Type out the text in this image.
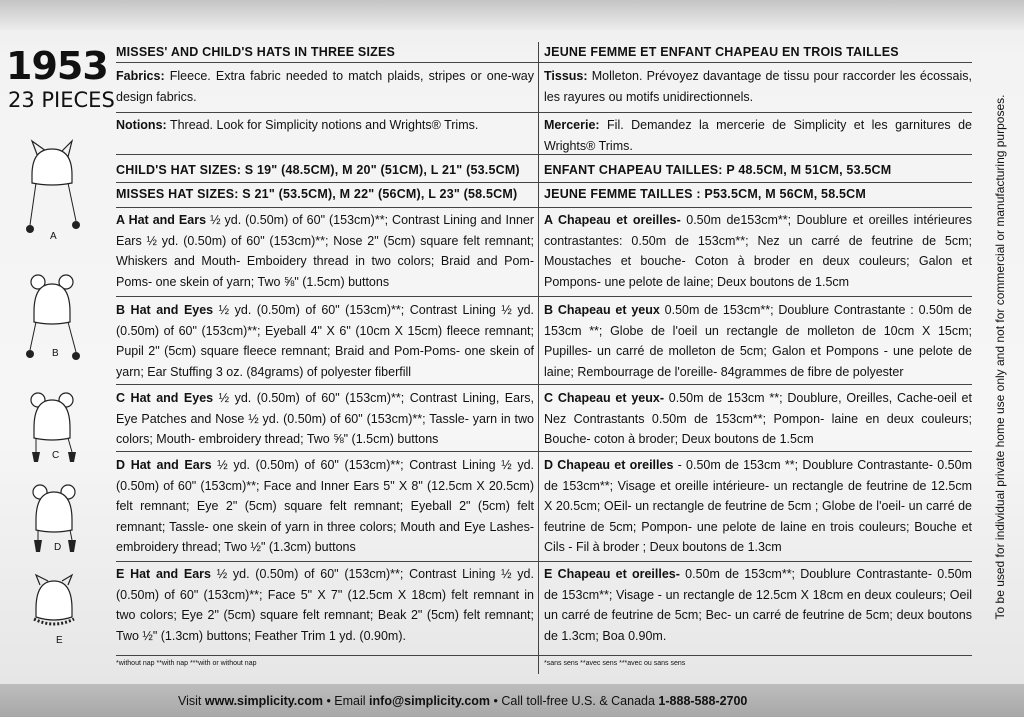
1953
23 PIECES
A
B
C
D
E
MISSES' AND CHILD'S HATS IN THREE SIZES
Fabrics: Fleece. Extra fabric needed to match plaids, stripes or one-way design fabrics.
Notions: Thread. Look for Simplicity notions and Wrights® Trims.
CHILD'S HAT SIZES: S 19" (48.5CM), M 20" (51CM), L 21" (53.5CM)
MISSES HAT SIZES: S 21" (53.5CM), M 22" (56CM), L 23" (58.5CM)
A Hat and Ears ½ yd. (0.50m) of 60" (153cm)**; Contrast Lining and Inner Ears ½ yd. (0.50m) of 60" (153cm)**; Nose 2" (5cm) square felt remnant; Whiskers and Mouth- Emboidery thread in two colors; Braid and Pom-Poms- one skein of yarn; Two ⅝" (1.5cm) buttons
B Hat and Eyes ½ yd. (0.50m) of 60" (153cm)**; Contrast Lining ½ yd. (0.50m) of 60" (153cm)**; Eyeball 4" X 6" (10cm X 15cm) fleece remnant; Pupil 2" (5cm) square fleece remnant; Braid and Pom-Poms- one skein of yarn; Ear Stuffing 3 oz. (84grams) of polyester fiberfill
C Hat and Eyes ½ yd. (0.50m) of 60" (153cm)**; Contrast Lining, Ears, Eye Patches and Nose ½ yd. (0.50m) of 60" (153cm)**; Tassle- yarn in two colors; Mouth- embroidery thread; Two ⅝" (1.5cm) buttons
D Hat and Ears ½ yd. (0.50m) of 60" (153cm)**; Contrast Lining ½ yd. (0.50m) of 60" (153cm)**; Face and Inner Ears 5" X 8" (12.5cm X 20.5cm) felt remnant; Eye 2" (5cm) square felt remnant; Eyeball 2" (5cm) felt remnant; Tassle- one skein of yarn in three colors; Mouth and Eye Lashes- embroidery thread; Two ½" (1.3cm) buttons
E Hat and Ears ½ yd. (0.50m) of 60" (153cm)**; Contrast Lining ½ yd. (0.50m) of 60" (153cm)**; Face 5" X 7" (12.5cm X 18cm) felt remnant in two colors; Eye 2" (5cm) square felt remnant; Beak 2" (5cm) felt remnant; Two ½" (1.3cm) buttons; Feather Trim 1 yd. (0.90m).
*without nap **with nap ***with or without nap
JEUNE FEMME ET ENFANT CHAPEAU EN TROIS TAILLES
Tissus: Molleton. Prévoyez davantage de tissu pour raccorder les écossais, les rayures ou motifs unidirectionnels.
Mercerie: Fil. Demandez la mercerie de Simplicity et les garnitures de Wrights® Trims.
ENFANT CHAPEAU TAILLES: P 48.5CM, M 51CM, 53.5CM
JEUNE FEMME TAILLES : P53.5CM, M 56CM, 58.5CM
A Chapeau et oreilles- 0.50m de153cm**; Doublure et oreilles intérieures contrastantes: 0.50m de 153cm**; Nez un carré de feutrine de 5cm; Moustaches et bouche- Coton à broder en deux couleurs; Galon et Pompons- une pelote de laine; Deux boutons de 1.5cm
B Chapeau et yeux 0.50m de 153cm**; Doublure Contrastante : 0.50m de 153cm **; Globe de l'oeil un rectangle de molleton de 10cm X 15cm; Pupilles- un carré de molleton de 5cm; Galon et Pompons - une pelote de laine; Rembourrage de l'oreille- 84grammes de fibre de polyester
C Chapeau et yeux- 0.50m de 153cm **; Doublure, Oreilles, Cache-oeil et Nez Contrastants 0.50m de 153cm**; Pompon- laine en deux couleurs; Bouche- coton à broder; Deux boutons de 1.5cm
D Chapeau et oreilles - 0.50m de 153cm **; Doublure Contrastante- 0.50m de 153cm**; Visage et oreille intérieure- un rectangle de feutrine de 12.5cm X 20.5cm; OEil- un rectangle de feutrine de 5cm ; Globe de l'oeil- un carré de feutrine de 5cm; Pompon- une pelote de laine en trois couleurs; Bouche et Cils - Fil à broder ; Deux boutons de 1.3cm
E Chapeau et oreilles- 0.50m de 153cm**; Doublure Contrastante- 0.50m de 153cm**; Visage - un rectangle de 12.5cm X 18cm en deux couleurs; Oeil un carré de feutrine de 5cm; Bec- un carré de feutrine de 5cm; deux boutons de 1.3cm; Boa 0.90m.
*sans sens **avec sens ***avec ou sans sens
To be used for individual private home use only and not for commercial or manufacturing purposes.
Visit www.simplicity.com • Email info@simplicity.com • Call toll-free U.S. & Canada 1-888-588-2700
